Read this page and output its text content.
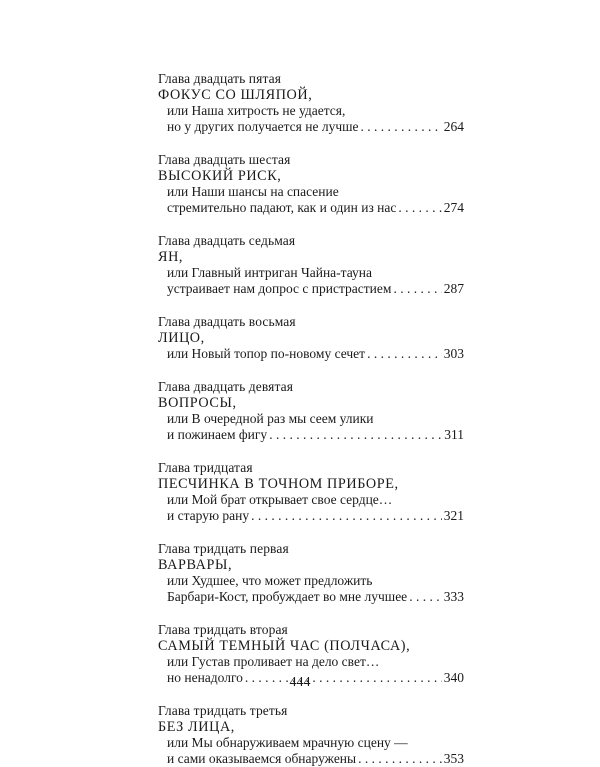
Глава двадцать пятая
ФОКУС СО ШЛЯПОЙ,
или Наша хитрость не удается,
но у других получается не лучше . . .	264
Глава двадцать шестая
ВЫСОКИЙ РИСК,
или Наши шансы на спасение
стремительно падают, как и один из нас . . .	274
Глава двадцать седьмая
ЯН,
или Главный интриган Чайна-тауна
устраивает нам допрос с пристрастием . . .	287
Глава двадцать восьмая
ЛИЦО,
или Новый топор по-новому сечет . . .	303
Глава двадцать девятая
ВОПРОСЫ,
или В очередной раз мы сеем улики
и пожинаем фигу . . .	311
Глава тридцатая
ПЕСЧИНКА В ТОЧНОМ ПРИБОРЕ,
или Мой брат открывает свое сердце…
и старую рану . . .	321
Глава тридцать первая
ВАРВАРЫ,
или Худшее, что может предложить
Барбари-Кост, пробуждает во мне лучшее . . .	333
Глава тридцать вторая
САМЫЙ ТЕМНЫЙ ЧАС (ПОЛЧАСА),
или Густав проливает на дело свет…
но ненадолго . . .	340
Глава тридцать третья
БЕЗ ЛИЦА,
или Мы обнаруживаем мрачную сцену —
и сами оказываемся обнаружены . . .	353
444
